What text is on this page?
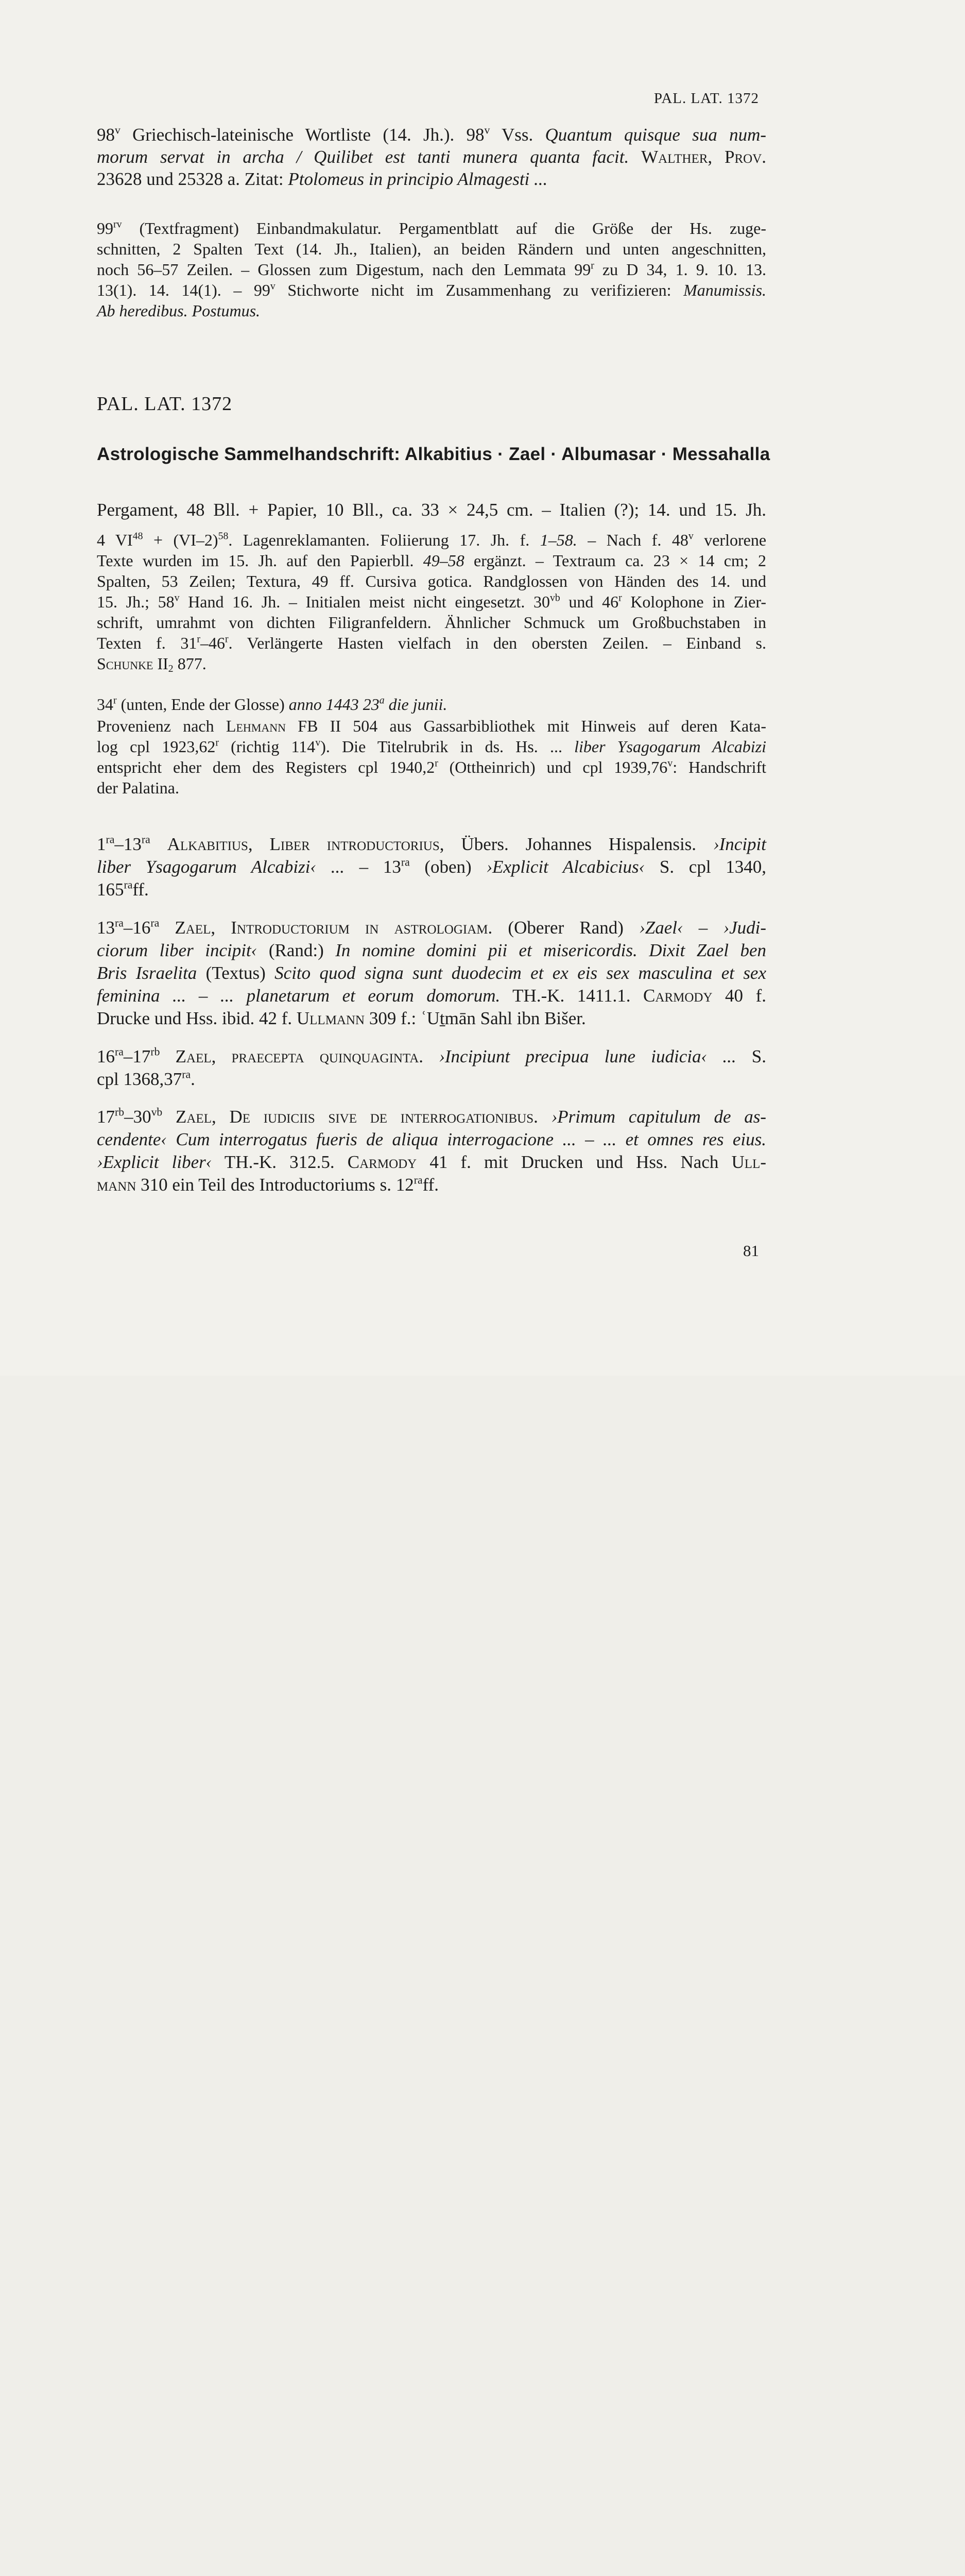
PAL. LAT. 1372
98$^v$ Griechisch-lateinische Wortliste (14. Jh.). 98$^v$ Vss. Quantum quisque sua num-
morum servat in archa / Quilibet est tanti munera quanta facit. Walther, Prov.
23628 und 25328 a. Zitat: Ptolomeus in principio Almagesti ...
$99^{rv}$ (Textfragment) Einbandmakulatur. Pergamentblatt auf die Größe der Hs. zuge-
schnitten, 2 Spalten Text (14. Jh., Italien), an beiden Rändern und unten angeschnitten,
noch 56–57 Zeilen. – Glossen zum Digestum, nach den Lemmata 99$^r$ zu D 34, 1. 9. 10. 13.
13(1). 14. 14(1). – 99$^v$ Stichworte nicht im Zusammenhang zu verifizieren: Manumissis.
Ab heredibus. Postumus.
PAL. LAT. 1372
Astrologische Sammelhandschrift: Alkabitius · Zael · Albumasar · Messahalla
Pergament, 48 Bll. + Papier, 10 Bll., ca. 33 × 24,5 cm. – Italien (?); 14. und 15. Jh.
4 $VI^{48} + (VI-2)^{58}$. Lagenreklamanten. Foliierung 17. Jh. f. 1–58. – Nach f. 48$^v$ verlorene
Texte wurden im 15. Jh. auf den Papierbll. 49–58 ergänzt. – Textraum ca. 23 × 14 cm; 2
Spalten, 53 Zeilen; Textura, 49 ff. Cursiva gotica. Randglossen von Händen des 14. und
15. Jh.; 58$^v$ Hand 16. Jh. – Initialen meist nicht eingesetzt. $30^{vb}$ und 46$^r$ Kolophone in Zier-
schrift, umrahmt von dichten Filigranfeldern. Ähnlicher Schmuck um Großbuchstaben in
Texten f. 31$^r$–46$^r$. Verlängerte Hasten vielfach in den obersten Zeilen. – Einband s.
Schunke $II_2$ 877.
34$^r$ (unten, Ende der Glosse) anno 1443 23$^a$ die junii.
Provenienz nach Lehmann FB II 504 aus Gassarbibliothek mit Hinweis auf deren Kata-
log cpl 1923,62$^r$ (richtig 114$^v$). Die Titelrubrik in ds. Hs. ... liber Ysagogarum Alcabizi
entspricht eher dem des Registers cpl 1940,2$^r$ (Ottheinrich) und cpl 1939,76$^v$: Handschrift
der Palatina.
$1^{ra}-13^{ra}$ Alkabitius, Liber introductorius, Übers. Johannes Hispalensis. ›Incipit
liber Ysagogarum Alcabizi‹ ... – $13^{ra}$ (oben) ›Explicit Alcabicius‹ S. cpl 1340,
$165^{ra}ff$.
$13^{ra}-16^{ra}$ Zael, Introductorium in astrologiam. (Oberer Rand) ›Zael‹ – ›Judi-
ciorum liber incipit‹ (Rand:) In nomine domini pii et misericordis. Dixit Zael ben
Bris Israelita (Textus) Scito quod signa sunt duodecim et ex eis sex masculina et sex
feminina ... – ... planetarum et eorum domorum. TH.-K. 1411.1. Carmody 40 f.
Drucke und Hss. ibid. 42 f. Ullmann 309 f.: ʿUṯmān Sahl ibn Bišer.
$16^{ra}-17^{rb}$ Zael, praecepta quinquaginta. ›Incipiunt precipua lune iudicia‹ ... S.
cpl $1368,37^{ra}$.
$17^{rb}-30^{vb}$ Zael, De iudiciis sive de interrogationibus. ›Primum capitulum de as-
cendente‹ Cum interrogatus fueris de aliqua interrogacione ... – ... et omnes res eius.
›Explicit liber‹ TH.-K. 312.5. Carmody 41 f. mit Drucken und Hss. Nach Ull-
mann 310 ein Teil des Introductoriums s. $12^{ra}ff$.
81
